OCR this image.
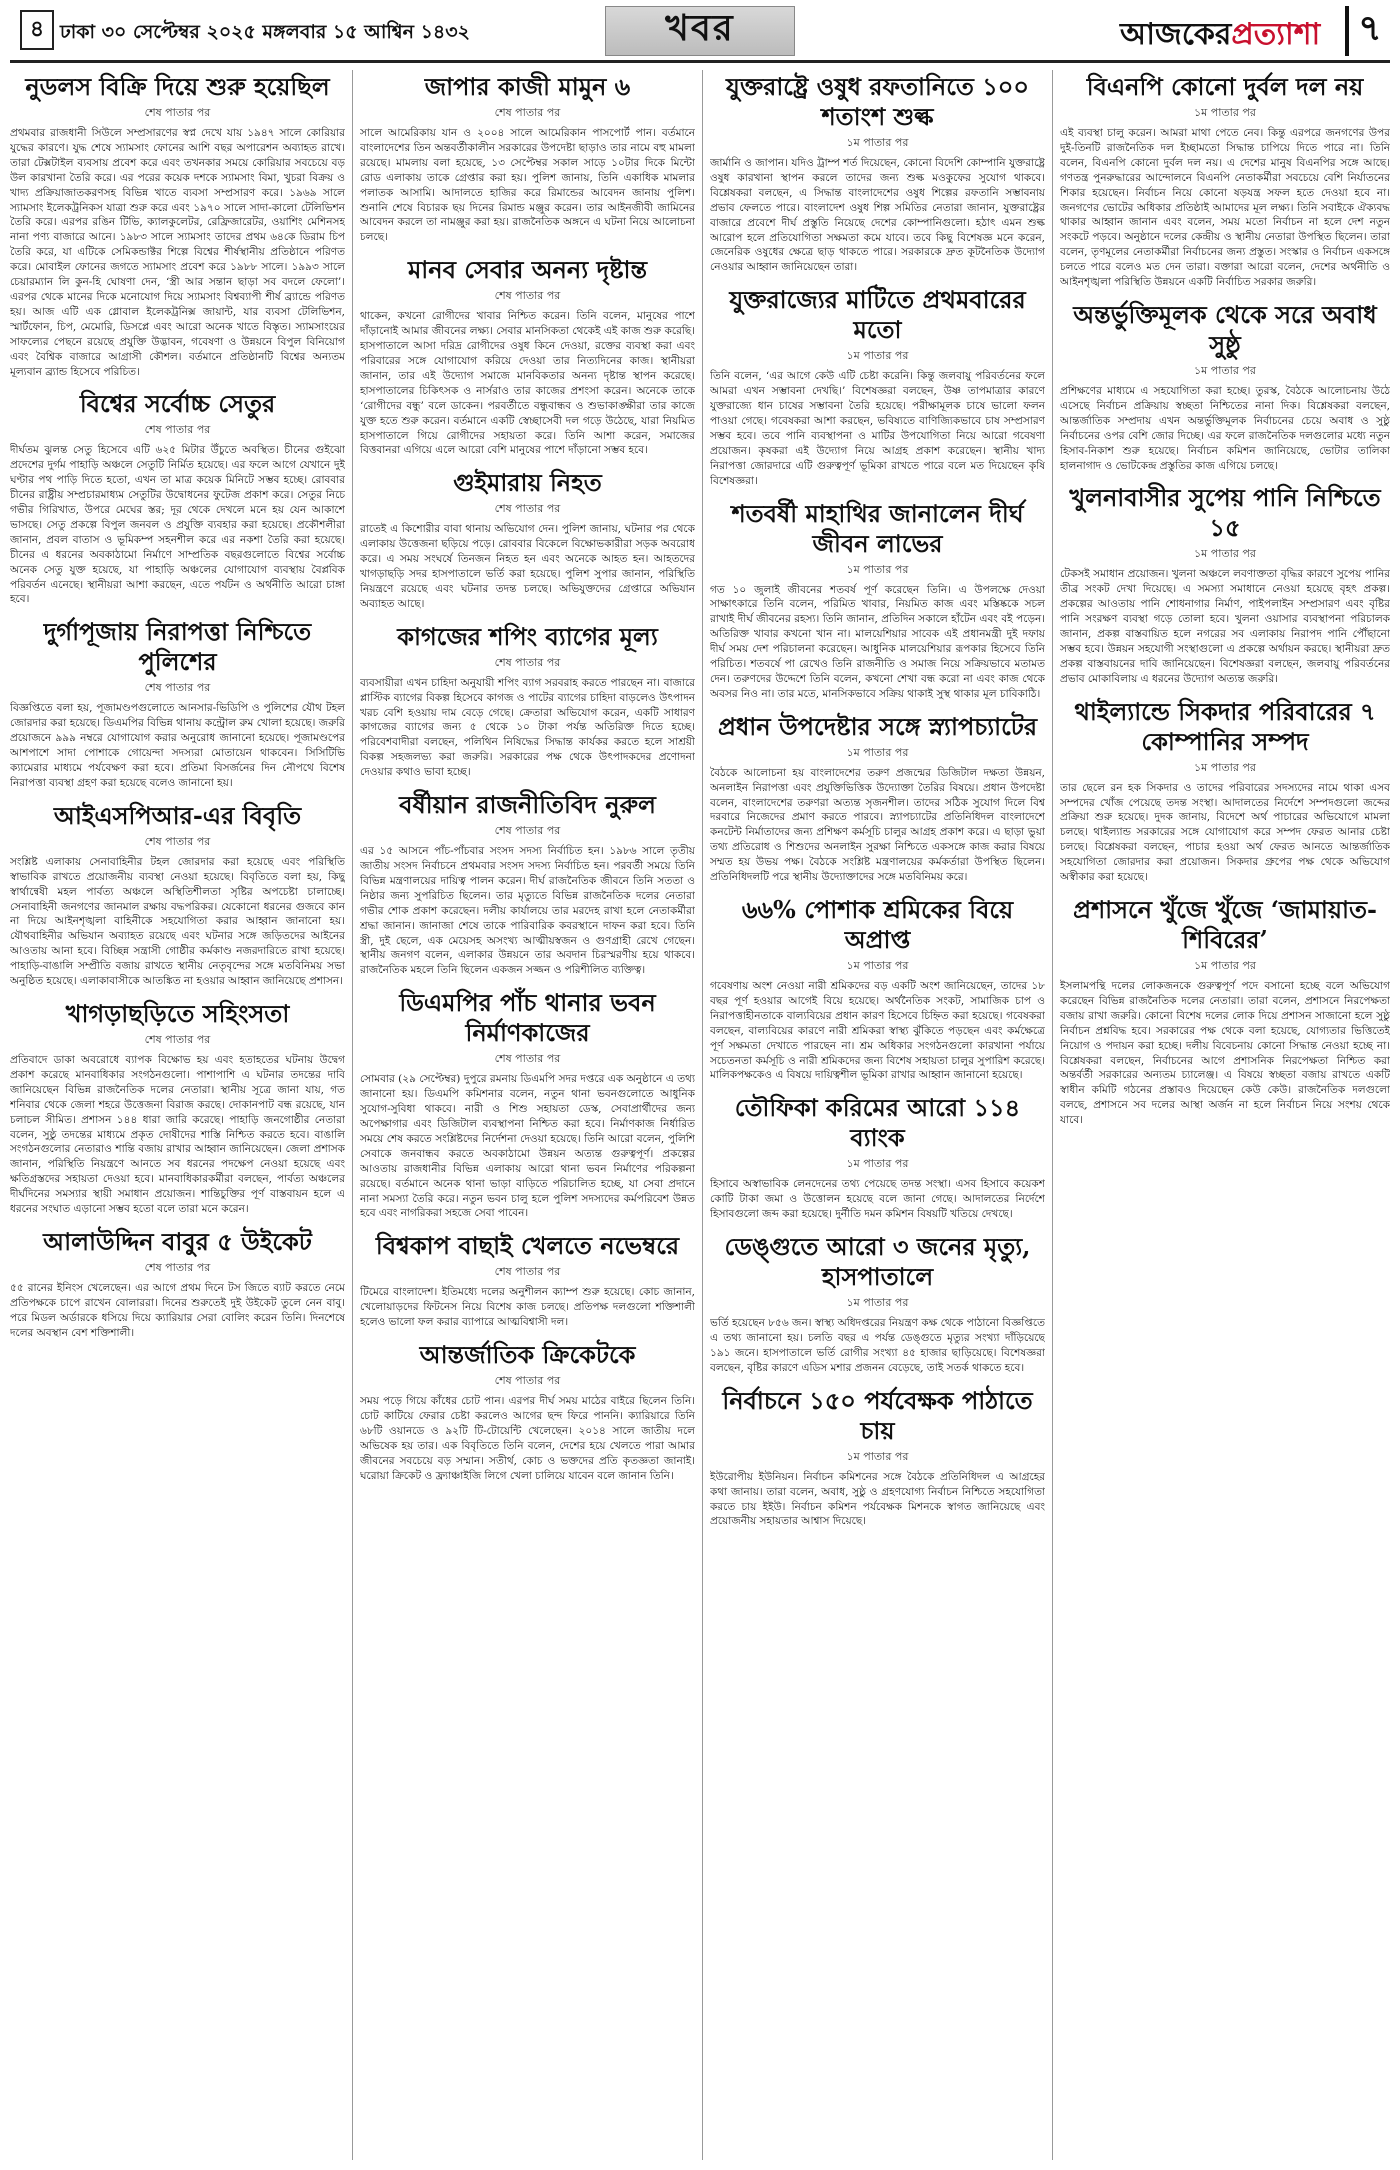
৪ ঢাকা ৩০ সেপ্টেম্বর ২০২৫ মঙ্গলবার ১৫ আশ্বিন ১৪৩২	খবর	আজকেরপ্রত্যাশা	৭
নুডলস বিক্রি দিয়ে শুরু হয়েছিল
শেষ পাতার পর
প্রথমবার রাজধানী সিউলে সম্প্রসারণের স্বপ্ন দেখে যায় ১৯৪৭ সালে কোরিয়ার যুদ্ধের কারণে। যুদ্ধ শেষে স্যামসাং ফোনের আশি বছর অপারেশন অব্যাহত রাখে। তারা টেক্সটাইল ব্যবসায় প্রবেশ করে এবং তখনকার সময়ে কোরিয়ার সবচেয়ে বড় উল কারখানা তৈরি করে। এর পরের কয়েক দশকে স্যামসাং বিমা, খুচরা বিক্রয় ও খাদ্য প্রক্রিয়াজাতকরণসহ বিভিন্ন খাতে ব্যবসা সম্প্রসারণ করে। ১৯৬৯ সালে স্যামসাং ইলেকট্রনিকস যাত্রা শুরু করে এবং ১৯৭০ সালে সাদা-কালো টেলিভিশন তৈরি করে। এরপর রঙিন টিভি, ক্যালকুলেটর, রেফ্রিজারেটর, ওয়াশিং মেশিনসহ নানা পণ্য বাজারে আনে। ১৯৮৩ সালে স্যামসাং তাদের প্রথম ৬৪কে ডিরাম চিপ তৈরি করে, যা এটিকে সেমিকন্ডাক্টর শিল্পে বিশ্বের শীর্ষস্থানীয় প্রতিষ্ঠানে পরিণত করে। মোবাইল ফোনের জগতে স্যামসাং প্রবেশ করে ১৯৮৮ সালে। ১৯৯৩ সালে চেয়ারম্যান লি কুন-হি ঘোষণা দেন, ‘স্ত্রী আর সন্তান ছাড়া সব বদলে ফেলো’। এরপর থেকে মানের দিকে মনোযোগ দিয়ে স্যামসাং বিশ্বব্যাপী শীর্ষ ব্র্যান্ডে পরিণত হয়। আজ এটি এক গ্লোবাল ইলেকট্রনিক্স জায়ান্ট, যার ব্যবসা টেলিভিশন, স্মার্টফোন, চিপ, মেমোরি, ডিসপ্লে এবং আরো অনেক খাতে বিস্তৃত। স্যামসাংয়ের সাফল্যের পেছনে রয়েছে প্রযুক্তি উদ্ভাবন, গবেষণা ও উন্নয়নে বিপুল বিনিয়োগ এবং বৈশ্বিক বাজারে আগ্রাসী কৌশল। বর্তমানে প্রতিষ্ঠানটি বিশ্বের অন্যতম মূল্যবান ব্র্যান্ড হিসেবে পরিচিত।
বিশ্বের সর্বোচ্চ সেতুর
শেষ পাতার পর
দীর্ঘতম ঝুলন্ত সেতু হিসেবে এটি ৬২৫ মিটার উঁচুতে অবস্থিত। চীনের গুইঝো প্রদেশের দুর্গম পাহাড়ি অঞ্চলে সেতুটি নির্মিত হয়েছে। এর ফলে আগে যেখানে দুই ঘণ্টার পথ পাড়ি দিতে হতো, এখন তা মাত্র কয়েক মিনিটে সম্ভব হচ্ছে। রোববার চীনের রাষ্ট্রীয় সম্প্রচারমাধ্যম সেতুটির উদ্বোধনের ফুটেজ প্রকাশ করে। সেতুর নিচে গভীর গিরিখাত, উপরে মেঘের স্তর; দূর থেকে দেখলে মনে হয় যেন আকাশে ভাসছে। সেতু প্রকল্পে বিপুল জনবল ও প্রযুক্তি ব্যবহার করা হয়েছে। প্রকৌশলীরা জানান, প্রবল বাতাস ও ভূমিকম্প সহনশীল করে এর নকশা তৈরি করা হয়েছে। চীনের এ ধরনের অবকাঠামো নির্মাণে সাম্প্রতিক বছরগুলোতে বিশ্বের সর্বোচ্চ অনেক সেতু যুক্ত হয়েছে, যা পাহাড়ি অঞ্চলের যোগাযোগ ব্যবস্থায় বৈপ্লবিক পরিবর্তন এনেছে। স্থানীয়রা আশা করছেন, এতে পর্যটন ও অর্থনীতি আরো চাঙ্গা হবে।
দুর্গাপূজায় নিরাপত্তা নিশ্চিতে পুলিশের
শেষ পাতার পর
বিজ্ঞপ্তিতে বলা হয়, পূজামণ্ডপগুলোতে আনসার-ভিডিপি ও পুলিশের যৌথ টহল জোরদার করা হয়েছে। ডিএমপির বিভিন্ন থানায় কন্ট্রোল রুম খোলা হয়েছে। জরুরি প্রয়োজনে ৯৯৯ নম্বরে যোগাযোগ করার অনুরোধ জানানো হয়েছে। পূজামণ্ডপের আশপাশে সাদা পোশাকে গোয়েন্দা সদস্যরা মোতায়েন থাকবেন। সিসিটিভি ক্যামেরার মাধ্যমে পর্যবেক্ষণ করা হবে। প্রতিমা বিসর্জনের দিন নৌপথে বিশেষ নিরাপত্তা ব্যবস্থা গ্রহণ করা হয়েছে বলেও জানানো হয়।
আইএসপিআর-এর বিবৃতি
শেষ পাতার পর
সংশ্লিষ্ট এলাকায় সেনাবাহিনীর টহল জোরদার করা হয়েছে এবং পরিস্থিতি স্বাভাবিক রাখতে প্রয়োজনীয় ব্যবস্থা নেওয়া হয়েছে। বিবৃতিতে বলা হয়, কিছু স্বার্থান্বেষী মহল পার্বত্য অঞ্চলে অস্থিতিশীলতা সৃষ্টির অপচেষ্টা চালাচ্ছে। সেনাবাহিনী জনগণের জানমাল রক্ষায় বদ্ধপরিকর। যেকোনো ধরনের গুজবে কান না দিয়ে আইনশৃঙ্খলা বাহিনীকে সহযোগিতা করার আহ্বান জানানো হয়। যৌথবাহিনীর অভিযান অব্যাহত রয়েছে এবং ঘটনার সঙ্গে জড়িতদের আইনের আওতায় আনা হবে। বিচ্ছিন্ন সন্ত্রাসী গোষ্ঠীর কর্মকাণ্ড নজরদারিতে রাখা হয়েছে। পাহাড়ি-বাঙালি সম্প্রীতি বজায় রাখতে স্থানীয় নেতৃবৃন্দের সঙ্গে মতবিনিময় সভা অনুষ্ঠিত হয়েছে। এলাকাবাসীকে আতঙ্কিত না হওয়ার আহ্বান জানিয়েছে প্রশাসন।
খাগড়াছড়িতে সহিংসতা
শেষ পাতার পর
প্রতিবাদে ডাকা অবরোধে ব্যাপক বিক্ষোভ হয় এবং হতাহতের ঘটনায় উদ্বেগ প্রকাশ করেছে মানবাধিকার সংগঠনগুলো। পাশাপাশি এ ঘটনার তদন্তের দাবি জানিয়েছেন বিভিন্ন রাজনৈতিক দলের নেতারা। স্থানীয় সূত্রে জানা যায়, গত শনিবার থেকে জেলা শহরে উত্তেজনা বিরাজ করছে। দোকানপাট বন্ধ রয়েছে, যান চলাচল সীমিত। প্রশাসন ১৪৪ ধারা জারি করেছে। পাহাড়ি জনগোষ্ঠীর নেতারা বলেন, সুষ্ঠু তদন্তের মাধ্যমে প্রকৃত দোষীদের শাস্তি নিশ্চিত করতে হবে। বাঙালি সংগঠনগুলোর নেতারাও শান্তি বজায় রাখার আহ্বান জানিয়েছেন। জেলা প্রশাসক জানান, পরিস্থিতি নিয়ন্ত্রণে আনতে সব ধরনের পদক্ষেপ নেওয়া হয়েছে এবং ক্ষতিগ্রস্তদের সহায়তা দেওয়া হবে। মানবাধিকারকর্মীরা বলছেন, পার্বত্য অঞ্চলের দীর্ঘদিনের সমস্যার স্থায়ী সমাধান প্রয়োজন। শান্তিচুক্তির পূর্ণ বাস্তবায়ন হলে এ ধরনের সংঘাত এড়ানো সম্ভব হতো বলে তারা মনে করেন।
আলাউদ্দিন বাবুর ৫ উইকেট
শেষ পাতার পর
৫৫ রানের ইনিংস খেলেছেন। এর আগে প্রথম দিনে টস জিতে ব্যাট করতে নেমে প্রতিপক্ষকে চাপে রাখেন বোলাররা। দিনের শুরুতেই দুই উইকেট তুলে নেন বাবু। পরে মিডল অর্ডারকে ধসিয়ে দিয়ে ক্যারিয়ার সেরা বোলিং করেন তিনি। দিনশেষে দলের অবস্থান বেশ শক্তিশালী।
জাপার কাজী মামুন ৬
শেষ পাতার পর
সালে আমেরিকায় যান ও ২০০৪ সালে আমেরিকান পাসপোর্ট পান। বর্তমানে বাংলাদেশের তিন অন্তবর্তীকালীন সরকারের উপদেষ্টা ছাড়াও তার নামে বহু মামলা রয়েছে। মামলায় বলা হয়েছে, ১৩ সেপ্টেম্বর সকাল সাড়ে ১০টার দিকে মিন্টো রোড এলাকায় তাকে গ্রেপ্তার করা হয়। পুলিশ জানায়, তিনি একাধিক মামলার পলাতক আসামি। আদালতে হাজির করে রিমান্ডের আবেদন জানায় পুলিশ। শুনানি শেষে বিচারক ছয় দিনের রিমান্ড মঞ্জুর করেন। তার আইনজীবী জামিনের আবেদন করলে তা নামঞ্জুর করা হয়। রাজনৈতিক অঙ্গনে এ ঘটনা নিয়ে আলোচনা চলছে।
মানব সেবার অনন্য দৃষ্টান্ত
শেষ পাতার পর
থাকেন, কখনো রোগীদের খাবার নিশ্চিত করেন। তিনি বলেন, মানুষের পাশে দাঁড়ানোই আমার জীবনের লক্ষ্য। সেবার মানসিকতা থেকেই এই কাজ শুরু করেছি। হাসপাতালে আসা দরিদ্র রোগীদের ওষুধ কিনে দেওয়া, রক্তের ব্যবস্থা করা এবং পরিবারের সঙ্গে যোগাযোগ করিয়ে দেওয়া তার নিত্যদিনের কাজ। স্থানীয়রা জানান, তার এই উদ্যোগ সমাজে মানবিকতার অনন্য দৃষ্টান্ত স্থাপন করেছে। হাসপাতালের চিকিৎসক ও নার্সরাও তার কাজের প্রশংসা করেন। অনেকে তাকে ‘রোগীদের বন্ধু’ বলে ডাকেন। পরবর্তীতে বন্ধুবান্ধব ও শুভাকাঙ্ক্ষীরা তার কাজে যুক্ত হতে শুরু করেন। বর্তমানে একটি স্বেচ্ছাসেবী দল গড়ে উঠেছে, যারা নিয়মিত হাসপাতালে গিয়ে রোগীদের সহায়তা করে। তিনি আশা করেন, সমাজের বিত্তবানরা এগিয়ে এলে আরো বেশি মানুষের পাশে দাঁড়ানো সম্ভব হবে।
গুইমারায় নিহত
শেষ পাতার পর
রাতেই এ কিশোরীর বাবা থানায় অভিযোগ দেন। পুলিশ জানায়, ঘটনার পর থেকে এলাকায় উত্তেজনা ছড়িয়ে পড়ে। রোববার বিকেলে বিক্ষোভকারীরা সড়ক অবরোধ করে। এ সময় সংঘর্ষে তিনজন নিহত হন এবং অনেকে আহত হন। আহতদের খাগড়াছড়ি সদর হাসপাতালে ভর্তি করা হয়েছে। পুলিশ সুপার জানান, পরিস্থিতি নিয়ন্ত্রণে রয়েছে এবং ঘটনার তদন্ত চলছে। অভিযুক্তদের গ্রেপ্তারে অভিযান অব্যাহত আছে।
কাগজের শপিং ব্যাগের মূল্য
শেষ পাতার পর
ব্যবসায়ীরা এখন চাহিদা অনুযায়ী শপিং ব্যাগ সরবরাহ করতে পারছেন না। বাজারে প্লাস্টিক ব্যাগের বিকল্প হিসেবে কাগজ ও পাটের ব্যাগের চাহিদা বাড়লেও উৎপাদন খরচ বেশি হওয়ায় দাম বেড়ে গেছে। ক্রেতারা অভিযোগ করেন, একটি সাধারণ কাগজের ব্যাগের জন্য ৫ থেকে ১০ টাকা পর্যন্ত অতিরিক্ত দিতে হচ্ছে। পরিবেশবাদীরা বলছেন, পলিথিন নিষিদ্ধের সিদ্ধান্ত কার্যকর করতে হলে সাশ্রয়ী বিকল্প সহজলভ্য করা জরুরি। সরকারের পক্ষ থেকে উৎপাদকদের প্রণোদনা দেওয়ার কথাও ভাবা হচ্ছে।
বর্ষীয়ান রাজনীতিবিদ নুরুল
শেষ পাতার পর
এর ১৫ আসনে পাঁচ-পাঁচবার সংসদ সদস্য নির্বাচিত হন। ১৯৮৬ সালে তৃতীয় জাতীয় সংসদ নির্বাচনে প্রথমবার সংসদ সদস্য নির্বাচিত হন। পরবর্তী সময়ে তিনি বিভিন্ন মন্ত্রণালয়ের দায়িত্ব পালন করেন। দীর্ঘ রাজনৈতিক জীবনে তিনি সততা ও নিষ্ঠার জন্য সুপরিচিত ছিলেন। তার মৃত্যুতে বিভিন্ন রাজনৈতিক দলের নেতারা গভীর শোক প্রকাশ করেছেন। দলীয় কার্যালয়ে তার মরদেহ রাখা হলে নেতাকর্মীরা শ্রদ্ধা জানান। জানাজা শেষে তাকে পারিবারিক কবরস্থানে দাফন করা হবে। তিনি স্ত্রী, দুই ছেলে, এক মেয়েসহ অসংখ্য আত্মীয়স্বজন ও গুণগ্রাহী রেখে গেছেন। স্থানীয় জনগণ বলেন, এলাকার উন্নয়নে তার অবদান চিরস্মরণীয় হয়ে থাকবে। রাজনৈতিক মহলে তিনি ছিলেন একজন সজ্জন ও পরিশীলিত ব্যক্তিত্ব।
ডিএমপির পাঁচ থানার ভবন নির্মাণকাজের
শেষ পাতার পর
সোমবার (২৯ সেপ্টেম্বর) দুপুরে রমনায় ডিএমপি সদর দপ্তরে এক অনুষ্ঠানে এ তথ্য জানানো হয়। ডিএমপি কমিশনার বলেন, নতুন থানা ভবনগুলোতে আধুনিক সুযোগ-সুবিধা থাকবে। নারী ও শিশু সহায়তা ডেস্ক, সেবাপ্রার্থীদের জন্য অপেক্ষাগার এবং ডিজিটাল ব্যবস্থাপনা নিশ্চিত করা হবে। নির্মাণকাজ নির্ধারিত সময়ে শেষ করতে সংশ্লিষ্টদের নির্দেশনা দেওয়া হয়েছে। তিনি আরো বলেন, পুলিশি সেবাকে জনবান্ধব করতে অবকাঠামো উন্নয়ন অত্যন্ত গুরুত্বপূর্ণ। প্রকল্পের আওতায় রাজধানীর বিভিন্ন এলাকায় আরো থানা ভবন নির্মাণের পরিকল্পনা রয়েছে। বর্তমানে অনেক থানা ভাড়া বাড়িতে পরিচালিত হচ্ছে, যা সেবা প্রদানে নানা সমস্যা তৈরি করে। নতুন ভবন চালু হলে পুলিশ সদস্যদের কর্মপরিবেশ উন্নত হবে এবং নাগরিকরা সহজে সেবা পাবেন।
বিশ্বকাপ বাছাই খেলতে নভেম্বরে
শেষ পাতার পর
টিমেরে বাংলাদেশ। ইতিমধ্যে দলের অনুশীলন ক্যাম্প শুরু হয়েছে। কোচ জানান, খেলোয়াড়দের ফিটনেস নিয়ে বিশেষ কাজ চলছে। প্রতিপক্ষ দলগুলো শক্তিশালী হলেও ভালো ফল করার ব্যাপারে আত্মবিশ্বাসী দল।
আন্তর্জাতিক ক্রিকেটকে
শেষ পাতার পর
সময় পড়ে গিয়ে কাঁধের চোট পান। এরপর দীর্ঘ সময় মাঠের বাইরে ছিলেন তিনি। চোট কাটিয়ে ফেরার চেষ্টা করলেও আগের ছন্দ ফিরে পাননি। ক্যারিয়ারে তিনি ৬৮টি ওয়ানডে ও ৯২টি টি-টোয়েন্টি খেলেছেন। ২০১৪ সালে জাতীয় দলে অভিষেক হয় তার। এক বিবৃতিতে তিনি বলেন, দেশের হয়ে খেলতে পারা আমার জীবনের সবচেয়ে বড় সম্মান। সতীর্থ, কোচ ও ভক্তদের প্রতি কৃতজ্ঞতা জানাই। ঘরোয়া ক্রিকেট ও ফ্র্যাঞ্চাইজি লিগে খেলা চালিয়ে যাবেন বলে জানান তিনি।
যুক্তরাষ্ট্রে ওষুধ রফতানিতে ১০০ শতাংশ শুল্ক
১ম পাতার পর
জার্মানি ও জাপান। যদিও ট্রাম্প শর্ত দিয়েছেন, কোনো বিদেশি কোম্পানি যুক্তরাষ্ট্রে ওষুধ কারখানা স্থাপন করলে তাদের জন্য শুল্ক মওকুফের সুযোগ থাকবে। বিশ্লেষকরা বলছেন, এ সিদ্ধান্ত বাংলাদেশের ওষুধ শিল্পের রফতানি সম্ভাবনায় প্রভাব ফেলতে পারে। বাংলাদেশ ওষুধ শিল্প সমিতির নেতারা জানান, যুক্তরাষ্ট্রের বাজারে প্রবেশে দীর্ঘ প্রস্তুতি নিয়েছে দেশের কোম্পানিগুলো। হঠাৎ এমন শুল্ক আরোপ হলে প্রতিযোগিতা সক্ষমতা কমে যাবে। তবে কিছু বিশেষজ্ঞ মনে করেন, জেনেরিক ওষুধের ক্ষেত্রে ছাড় থাকতে পারে। সরকারকে দ্রুত কূটনৈতিক উদ্যোগ নেওয়ার আহ্বান জানিয়েছেন তারা।
যুক্তরাজ্যের মাটিতে প্রথমবারের মতো
১ম পাতার পর
তিনি বলেন, ‘এর আগে কেউ এটি চেষ্টা করেনি। কিন্তু জলবায়ু পরিবর্তনের ফলে আমরা এখন সম্ভাবনা দেখছি।’ বিশেষজ্ঞরা বলছেন, উষ্ণ তাপমাত্রার কারণে যুক্তরাজ্যে ধান চাষের সম্ভাবনা তৈরি হয়েছে। পরীক্ষামূলক চাষে ভালো ফলন পাওয়া গেছে। গবেষকরা আশা করছেন, ভবিষ্যতে বাণিজ্যিকভাবে চাষ সম্প্রসারণ সম্ভব হবে। তবে পানি ব্যবস্থাপনা ও মাটির উপযোগিতা নিয়ে আরো গবেষণা প্রয়োজন। কৃষকরা এই উদ্যোগ নিয়ে আগ্রহ প্রকাশ করেছেন। স্থানীয় খাদ্য নিরাপত্তা জোরদারে এটি গুরুত্বপূর্ণ ভূমিকা রাখতে পারে বলে মত দিয়েছেন কৃষি বিশেষজ্ঞরা।
শতবর্ষী মাহাথির জানালেন দীর্ঘ জীবন লাভের
১ম পাতার পর
গত ১০ জুলাই জীবনের শতবর্ষ পূর্ণ করেছেন তিনি। এ উপলক্ষে দেওয়া সাক্ষাৎকারে তিনি বলেন, পরিমিত খাবার, নিয়মিত কাজ এবং মস্তিষ্ককে সচল রাখাই দীর্ঘ জীবনের রহস্য। তিনি জানান, প্রতিদিন সকালে হাঁটেন এবং বই পড়েন। অতিরিক্ত খাবার কখনো খান না। মালয়েশিয়ার সাবেক এই প্রধানমন্ত্রী দুই দফায় দীর্ঘ সময় দেশ পরিচালনা করেছেন। আধুনিক মালয়েশিয়ার রূপকার হিসেবে তিনি পরিচিত। শতবর্ষে পা রেখেও তিনি রাজনীতি ও সমাজ নিয়ে সক্রিয়ভাবে মতামত দেন। তরুণদের উদ্দেশে তিনি বলেন, কখনো শেখা বন্ধ করো না এবং কাজ থেকে অবসর নিও না। তার মতে, মানসিকভাবে সক্রিয় থাকাই সুস্থ থাকার মূল চাবিকাঠি।
প্রধান উপদেষ্টার সঙ্গে স্ন্যাপচ্যাটের
১ম পাতার পর
বৈঠকে আলোচনা হয় বাংলাদেশের তরুণ প্রজন্মের ডিজিটাল দক্ষতা উন্নয়ন, অনলাইন নিরাপত্তা এবং প্রযুক্তিভিত্তিক উদ্যোক্তা তৈরির বিষয়ে। প্রধান উপদেষ্টা বলেন, বাংলাদেশের তরুণরা অত্যন্ত সৃজনশীল। তাদের সঠিক সুযোগ দিলে বিশ্ব দরবারে নিজেদের প্রমাণ করতে পারবে। স্ন্যাপচ্যাটের প্রতিনিধিদল বাংলাদেশে কনটেন্ট নির্মাতাদের জন্য প্রশিক্ষণ কর্মসূচি চালুর আগ্রহ প্রকাশ করে। এ ছাড়া ভুয়া তথ্য প্রতিরোধ ও শিশুদের অনলাইন সুরক্ষা নিশ্চিতে একসঙ্গে কাজ করার বিষয়ে সম্মত হয় উভয় পক্ষ। বৈঠকে সংশ্লিষ্ট মন্ত্রণালয়ের কর্মকর্তারা উপস্থিত ছিলেন। প্রতিনিধিদলটি পরে স্থানীয় উদ্যোক্তাদের সঙ্গে মতবিনিময় করে।
৬৬% পোশাক শ্রমিকের বিয়ে অপ্রাপ্ত
১ম পাতার পর
গবেষণায় অংশ নেওয়া নারী শ্রমিকদের বড় একটি অংশ জানিয়েছেন, তাদের ১৮ বছর পূর্ণ হওয়ার আগেই বিয়ে হয়েছে। অর্থনৈতিক সংকট, সামাজিক চাপ ও নিরাপত্তাহীনতাকে বাল্যবিয়ের প্রধান কারণ হিসেবে চিহ্নিত করা হয়েছে। গবেষকরা বলছেন, বাল্যবিয়ের কারণে নারী শ্রমিকরা স্বাস্থ্য ঝুঁকিতে পড়ছেন এবং কর্মক্ষেত্রে পূর্ণ সক্ষমতা দেখাতে পারছেন না। শ্রম অধিকার সংগঠনগুলো কারখানা পর্যায়ে সচেতনতা কর্মসূচি ও নারী শ্রমিকদের জন্য বিশেষ সহায়তা চালুর সুপারিশ করেছে। মালিকপক্ষকেও এ বিষয়ে দায়িত্বশীল ভূমিকা রাখার আহ্বান জানানো হয়েছে।
তৌফিকা করিমের আরো ১১৪ ব্যাংক
১ম পাতার পর
হিসাবে অস্বাভাবিক লেনদেনের তথ্য পেয়েছে তদন্ত সংস্থা। এসব হিসাবে কয়েকশ কোটি টাকা জমা ও উত্তোলন হয়েছে বলে জানা গেছে। আদালতের নির্দেশে হিসাবগুলো জব্দ করা হয়েছে। দুর্নীতি দমন কমিশন বিষয়টি খতিয়ে দেখছে।
ডেঙ্গুতে আরো ৩ জনের মৃত্যু, হাসপাতালে
১ম পাতার পর
ভর্তি হয়েছেন ৮৫৬ জন। স্বাস্থ্য অধিদপ্তরের নিয়ন্ত্রণ কক্ষ থেকে পাঠানো বিজ্ঞপ্তিতে এ তথ্য জানানো হয়। চলতি বছর এ পর্যন্ত ডেঙ্গুতে মৃত্যুর সংখ্যা দাঁড়িয়েছে ১৯১ জনে। হাসপাতালে ভর্তি রোগীর সংখ্যা ৪৫ হাজার ছাড়িয়েছে। বিশেষজ্ঞরা বলছেন, বৃষ্টির কারণে এডিস মশার প্রজনন বেড়েছে, তাই সতর্ক থাকতে হবে।
নির্বাচনে ১৫০ পর্যবেক্ষক পাঠাতে চায়
১ম পাতার পর
ইউরোপীয় ইউনিয়ন। নির্বাচন কমিশনের সঙ্গে বৈঠকে প্রতিনিধিদল এ আগ্রহের কথা জানায়। তারা বলেন, অবাধ, সুষ্ঠু ও গ্রহণযোগ্য নির্বাচন নিশ্চিতে সহযোগিতা করতে চায় ইইউ। নির্বাচন কমিশন পর্যবেক্ষক মিশনকে স্বাগত জানিয়েছে এবং প্রয়োজনীয় সহায়তার আশ্বাস দিয়েছে।
বিএনপি কোনো দুর্বল দল নয়
১ম পাতার পর
এই ব্যবস্থা চালু করেন। আমরা মাথা পেতে নেব। কিন্তু এরপরে জনগণের উপর দুই-তিনটি রাজনৈতিক দল ইচ্ছামতো সিদ্ধান্ত চাপিয়ে দিতে পারে না। তিনি বলেন, বিএনপি কোনো দুর্বল দল নয়। এ দেশের মানুষ বিএনপির সঙ্গে আছে। গণতন্ত্র পুনরুদ্ধারের আন্দোলনে বিএনপি নেতাকর্মীরা সবচেয়ে বেশি নির্যাতনের শিকার হয়েছেন। নির্বাচন নিয়ে কোনো ষড়যন্ত্র সফল হতে দেওয়া হবে না। জনগণের ভোটের অধিকার প্রতিষ্ঠাই আমাদের মূল লক্ষ্য। তিনি সবাইকে ঐক্যবদ্ধ থাকার আহ্বান জানান এবং বলেন, সময় মতো নির্বাচন না হলে দেশ নতুন সংকটে পড়বে। অনুষ্ঠানে দলের কেন্দ্রীয় ও স্থানীয় নেতারা উপস্থিত ছিলেন। তারা বলেন, তৃণমূলের নেতাকর্মীরা নির্বাচনের জন্য প্রস্তুত। সংস্কার ও নির্বাচন একসঙ্গে চলতে পারে বলেও মত দেন তারা। বক্তারা আরো বলেন, দেশের অর্থনীতি ও আইনশৃঙ্খলা পরিস্থিতি উন্নয়নে একটি নির্বাচিত সরকার জরুরি।
অন্তর্ভুক্তিমূলক থেকে সরে অবাধ সুষ্ঠু
১ম পাতার পর
প্রশিক্ষণের মাধ্যমে এ সহযোগিতা করা হচ্ছে। তুরস্ক, বৈঠকে আলোচনায় উঠে এসেছে নির্বাচন প্রক্রিয়ায় স্বচ্ছতা নিশ্চিতের নানা দিক। বিশ্লেষকরা বলছেন, আন্তর্জাতিক সম্প্রদায় এখন অন্তর্ভুক্তিমূলক নির্বাচনের চেয়ে অবাধ ও সুষ্ঠু নির্বাচনের ওপর বেশি জোর দিচ্ছে। এর ফলে রাজনৈতিক দলগুলোর মধ্যে নতুন হিসাব-নিকাশ শুরু হয়েছে। নির্বাচন কমিশন জানিয়েছে, ভোটার তালিকা হালনাগাদ ও ভোটকেন্দ্র প্রস্তুতির কাজ এগিয়ে চলছে।
খুলনাবাসীর সুপেয় পানি নিশ্চিতে ১৫
১ম পাতার পর
টেকসই সমাধান প্রয়োজন। খুলনা অঞ্চলে লবণাক্ততা বৃদ্ধির কারণে সুপেয় পানির তীব্র সংকট দেখা দিয়েছে। এ সমস্যা সমাধানে নেওয়া হয়েছে বৃহৎ প্রকল্প। প্রকল্পের আওতায় পানি শোধনাগার নির্মাণ, পাইপলাইন সম্প্রসারণ এবং বৃষ্টির পানি সংরক্ষণ ব্যবস্থা গড়ে তোলা হবে। খুলনা ওয়াসার ব্যবস্থাপনা পরিচালক জানান, প্রকল্প বাস্তবায়িত হলে নগরের সব এলাকায় নিরাপদ পানি পৌঁছানো সম্ভব হবে। উন্নয়ন সহযোগী সংস্থাগুলো এ প্রকল্পে অর্থায়ন করছে। স্থানীয়রা দ্রুত প্রকল্প বাস্তবায়নের দাবি জানিয়েছেন। বিশেষজ্ঞরা বলছেন, জলবায়ু পরিবর্তনের প্রভাব মোকাবিলায় এ ধরনের উদ্যোগ অত্যন্ত জরুরি।
থাইল্যান্ডে সিকদার পরিবারের ৭ কোম্পানির সম্পদ
১ম পাতার পর
তার ছেলে রন হক সিকদার ও তাদের পরিবারের সদস্যদের নামে থাকা এসব সম্পদের খোঁজ পেয়েছে তদন্ত সংস্থা। আদালতের নির্দেশে সম্পদগুলো জব্দের প্রক্রিয়া শুরু হয়েছে। দুদক জানায়, বিদেশে অর্থ পাচারের অভিযোগে মামলা চলছে। থাইল্যান্ড সরকারের সঙ্গে যোগাযোগ করে সম্পদ ফেরত আনার চেষ্টা চলছে। বিশ্লেষকরা বলছেন, পাচার হওয়া অর্থ ফেরত আনতে আন্তর্জাতিক সহযোগিতা জোরদার করা প্রয়োজন। সিকদার গ্রুপের পক্ষ থেকে অভিযোগ অস্বীকার করা হয়েছে।
প্রশাসনে খুঁজে খুঁজে ‘জামায়াত-শিবিরের’
১ম পাতার পর
ইসলামপন্থি দলের লোকজনকে গুরুত্বপূর্ণ পদে বসানো হচ্ছে বলে অভিযোগ করেছেন বিভিন্ন রাজনৈতিক দলের নেতারা। তারা বলেন, প্রশাসনে নিরপেক্ষতা বজায় রাখা জরুরি। কোনো বিশেষ দলের লোক দিয়ে প্রশাসন সাজানো হলে সুষ্ঠু নির্বাচন প্রশ্নবিদ্ধ হবে। সরকারের পক্ষ থেকে বলা হয়েছে, যোগ্যতার ভিত্তিতেই নিয়োগ ও পদায়ন করা হচ্ছে। দলীয় বিবেচনায় কোনো সিদ্ধান্ত নেওয়া হচ্ছে না। বিশ্লেষকরা বলছেন, নির্বাচনের আগে প্রশাসনিক নিরপেক্ষতা নিশ্চিত করা অন্তর্বর্তী সরকারের অন্যতম চ্যালেঞ্জ। এ বিষয়ে স্বচ্ছতা বজায় রাখতে একটি স্বাধীন কমিটি গঠনের প্রস্তাবও দিয়েছেন কেউ কেউ। রাজনৈতিক দলগুলো বলছে, প্রশাসনে সব দলের আস্থা অর্জন না হলে নির্বাচন নিয়ে সংশয় থেকে যাবে।
